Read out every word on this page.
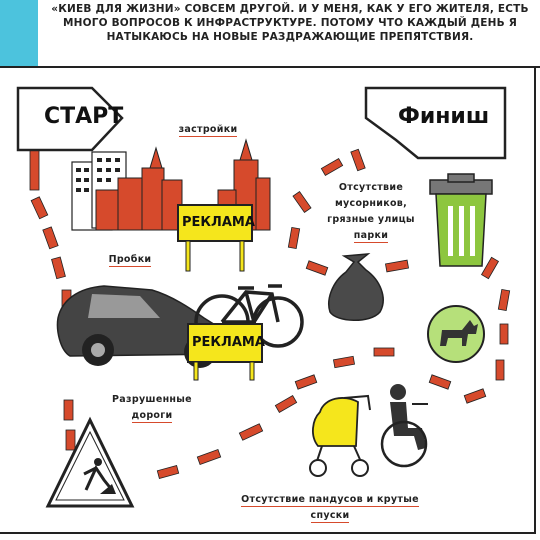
«КИЕВ ДЛЯ ЖИЗНИ» СОВСЕМ ДРУГОЙ. И У МЕНЯ, КАК У ЕГО ЖИТЕЛЯ, ЕСТЬ МНОГО ВОПРОСОВ К ИНФРАСТРУКТУРЕ. ПОТОМУ ЧТО КАЖДЫЙ ДЕНЬ Я НАТЫКАЮСЬ НА НОВЫЕ РАЗДРАЖАЮЩИЕ ПРЕПЯТСТВИЯ.
СТАРТ	Финиш
РЕКЛАМА
РЕКЛАМА
застройки
Пробки
Отсутствие
мусорников,
грязные улицы
парки
Разрушенные
дороги
Отсутствие пандусов и крутые
спуски
